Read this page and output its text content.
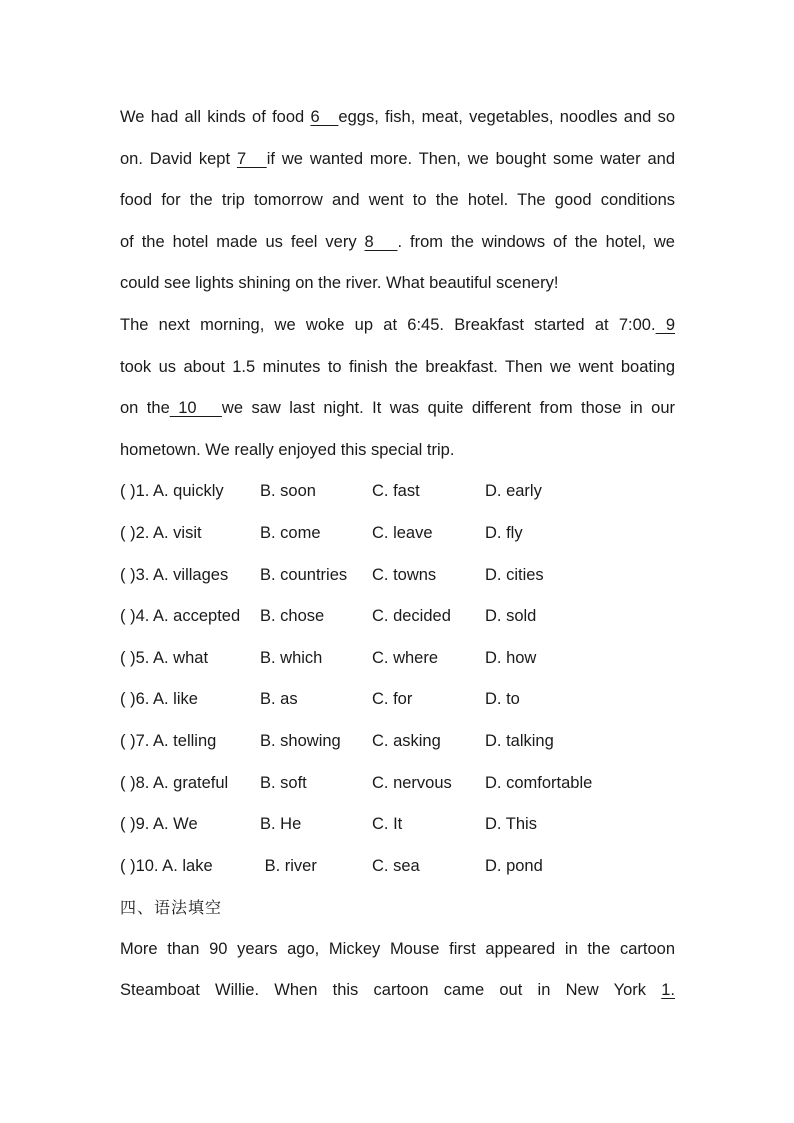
We had all kinds of food 6   eggs, fish, meat, vegetables, noodles and so
on. David kept 7   if we wanted more. Then, we bought some water and
food for the trip tomorrow and went to the hotel. The good conditions
of the hotel made us feel very 8   . from the windows of the hotel, we
could see lights shining on the river. What beautiful scenery!

The next morning, we woke up at 6:45. Breakfast started at 7:00. 9
took us about 1.5 minutes to finish the breakfast. Then we went boating
on the 10   we saw last night. It was quite different from those in our
hometown. We really enjoyed this special trip.

( )1. A. quickly	B. soon	C. fast	D. early
( )2. A. visit	B. come	C. leave	D. fly
( )3. A. villages	B. countries	C. towns	D. cities
( )4. A. accepted	B. chose	C. decided	D. sold
( )5. A. what	B. which	C. where	D. how
( )6. A. like	B. as	C. for	D. to
( )7. A. telling	B. showing	C. asking	D. talking
( )8. A. grateful	B. soft	C. nervous	D. comfortable
( )9. A. We	B. He	C. It	D. This
( )10. A. lake	B. river	C. sea	D. pond
四、语法填空

More than 90 years ago, Mickey Mouse first appeared in the cartoon
Steamboat Willie. When this cartoon came out in New York 1.
